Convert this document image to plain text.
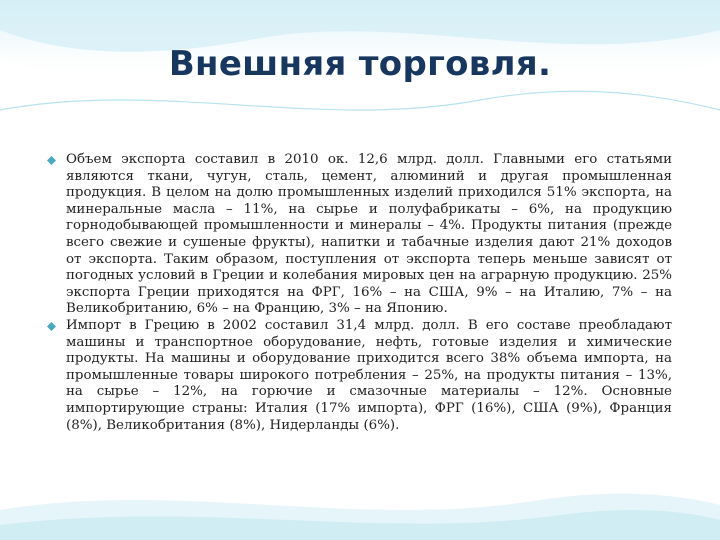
Внешняя торговля.
Объем экспорта составил в 2010 ок. 12,6 млрд. долл. Главными его статьями являются ткани, чугун, сталь, цемент, алюминий и другая промышленная продукция. В целом на долю промышленных изделий приходился 51% экспорта, на минеральные масла – 11%, на сырье и полуфабрикаты – 6%, на продукцию горнодобывающей промышленности и минералы – 4%. Продукты питания (прежде всего свежие и сушеные фрукты), напитки и табачные изделия дают 21% доходов от экспорта. Таким образом, поступления от экспорта теперь меньше зависят от погодных условий в Греции и колебания мировых цен на аграрную продукцию. 25% экспорта Греции приходятся на ФРГ, 16% – на США, 9% – на Италию, 7% – на Великобританию, 6% – на Францию, 3% – на Японию.
Импорт в Грецию в 2002 составил 31,4 млрд. долл. В его составе преобладают машины и транспортное оборудование, нефть, готовые изделия и химические продукты. На машины и оборудование приходится всего 38% объема импорта, на промышленные товары широкого потребления – 25%, на продукты питания – 13%, на сырье – 12%, на горючие и смазочные материалы – 12%. Основные импортирующие страны: Италия (17% импорта), ФРГ (16%), США (9%), Франция (8%), Великобритания (8%), Нидерланды (6%).
